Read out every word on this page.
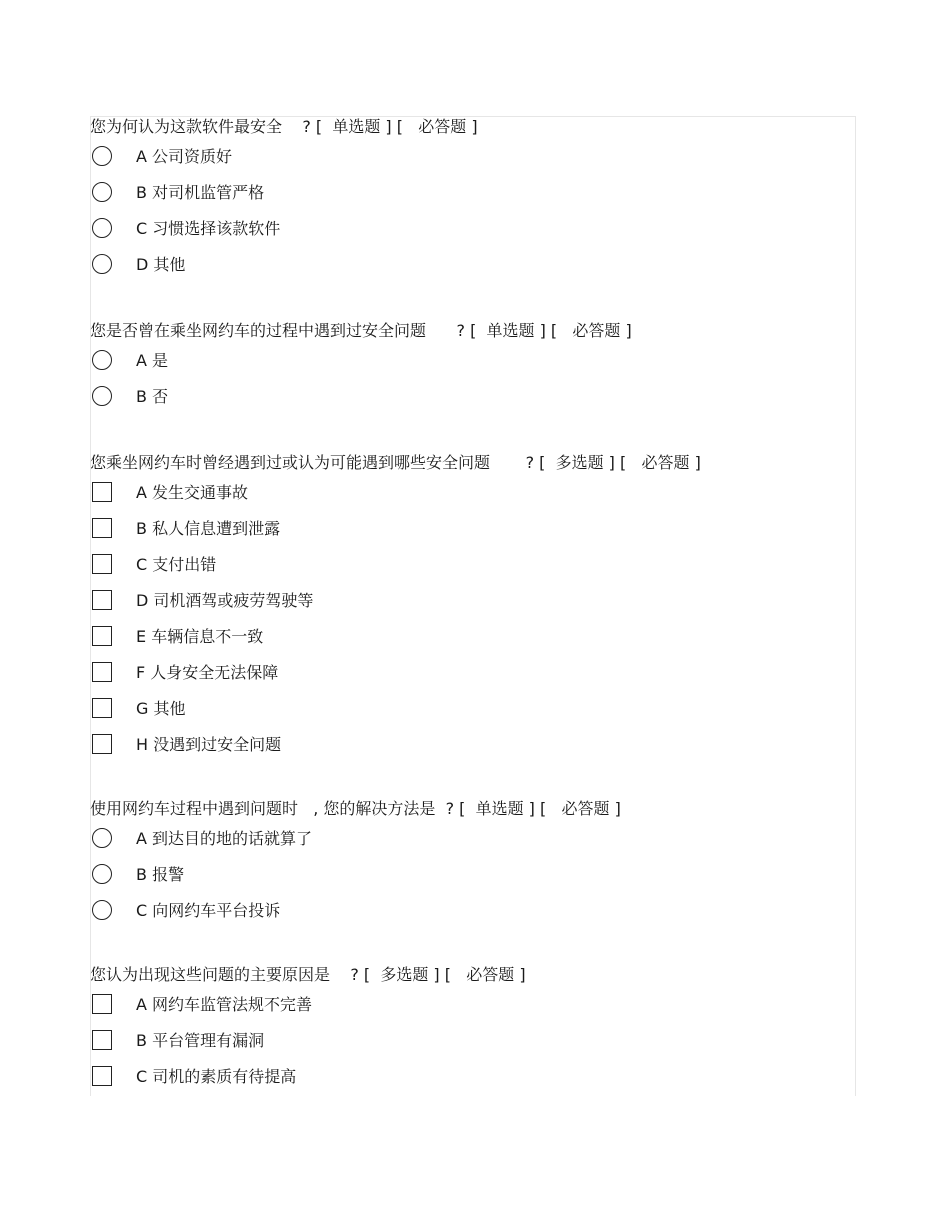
您为何认为这款软件最安全    ? [  单选题 ] [   必答题 ]
A 公司资质好
B 对司机监管严格
C 习惯选择该款软件
D 其他
您是否曾在乘坐网约车的过程中遇到过安全问题      ? [  单选题 ] [   必答题 ]
A 是
B 否
您乘坐网约车时曾经遇到过或认为可能遇到哪些安全问题       ? [  多选题 ] [   必答题 ]
A 发生交通事故
B 私人信息遭到泄露
C 支付出错
D 司机酒驾或疲劳驾驶等
E 车辆信息不一致
F 人身安全无法保障
G 其他
H 没遇到过安全问题
使用网约车过程中遇到问题时   , 您的解决方法是  ? [  单选题 ] [   必答题 ]
A 到达目的地的话就算了
B 报警
C 向网约车平台投诉
您认为出现这些问题的主要原因是    ? [  多选题 ] [   必答题 ]
A 网约车监管法规不完善
B 平台管理有漏洞
C 司机的素质有待提高
